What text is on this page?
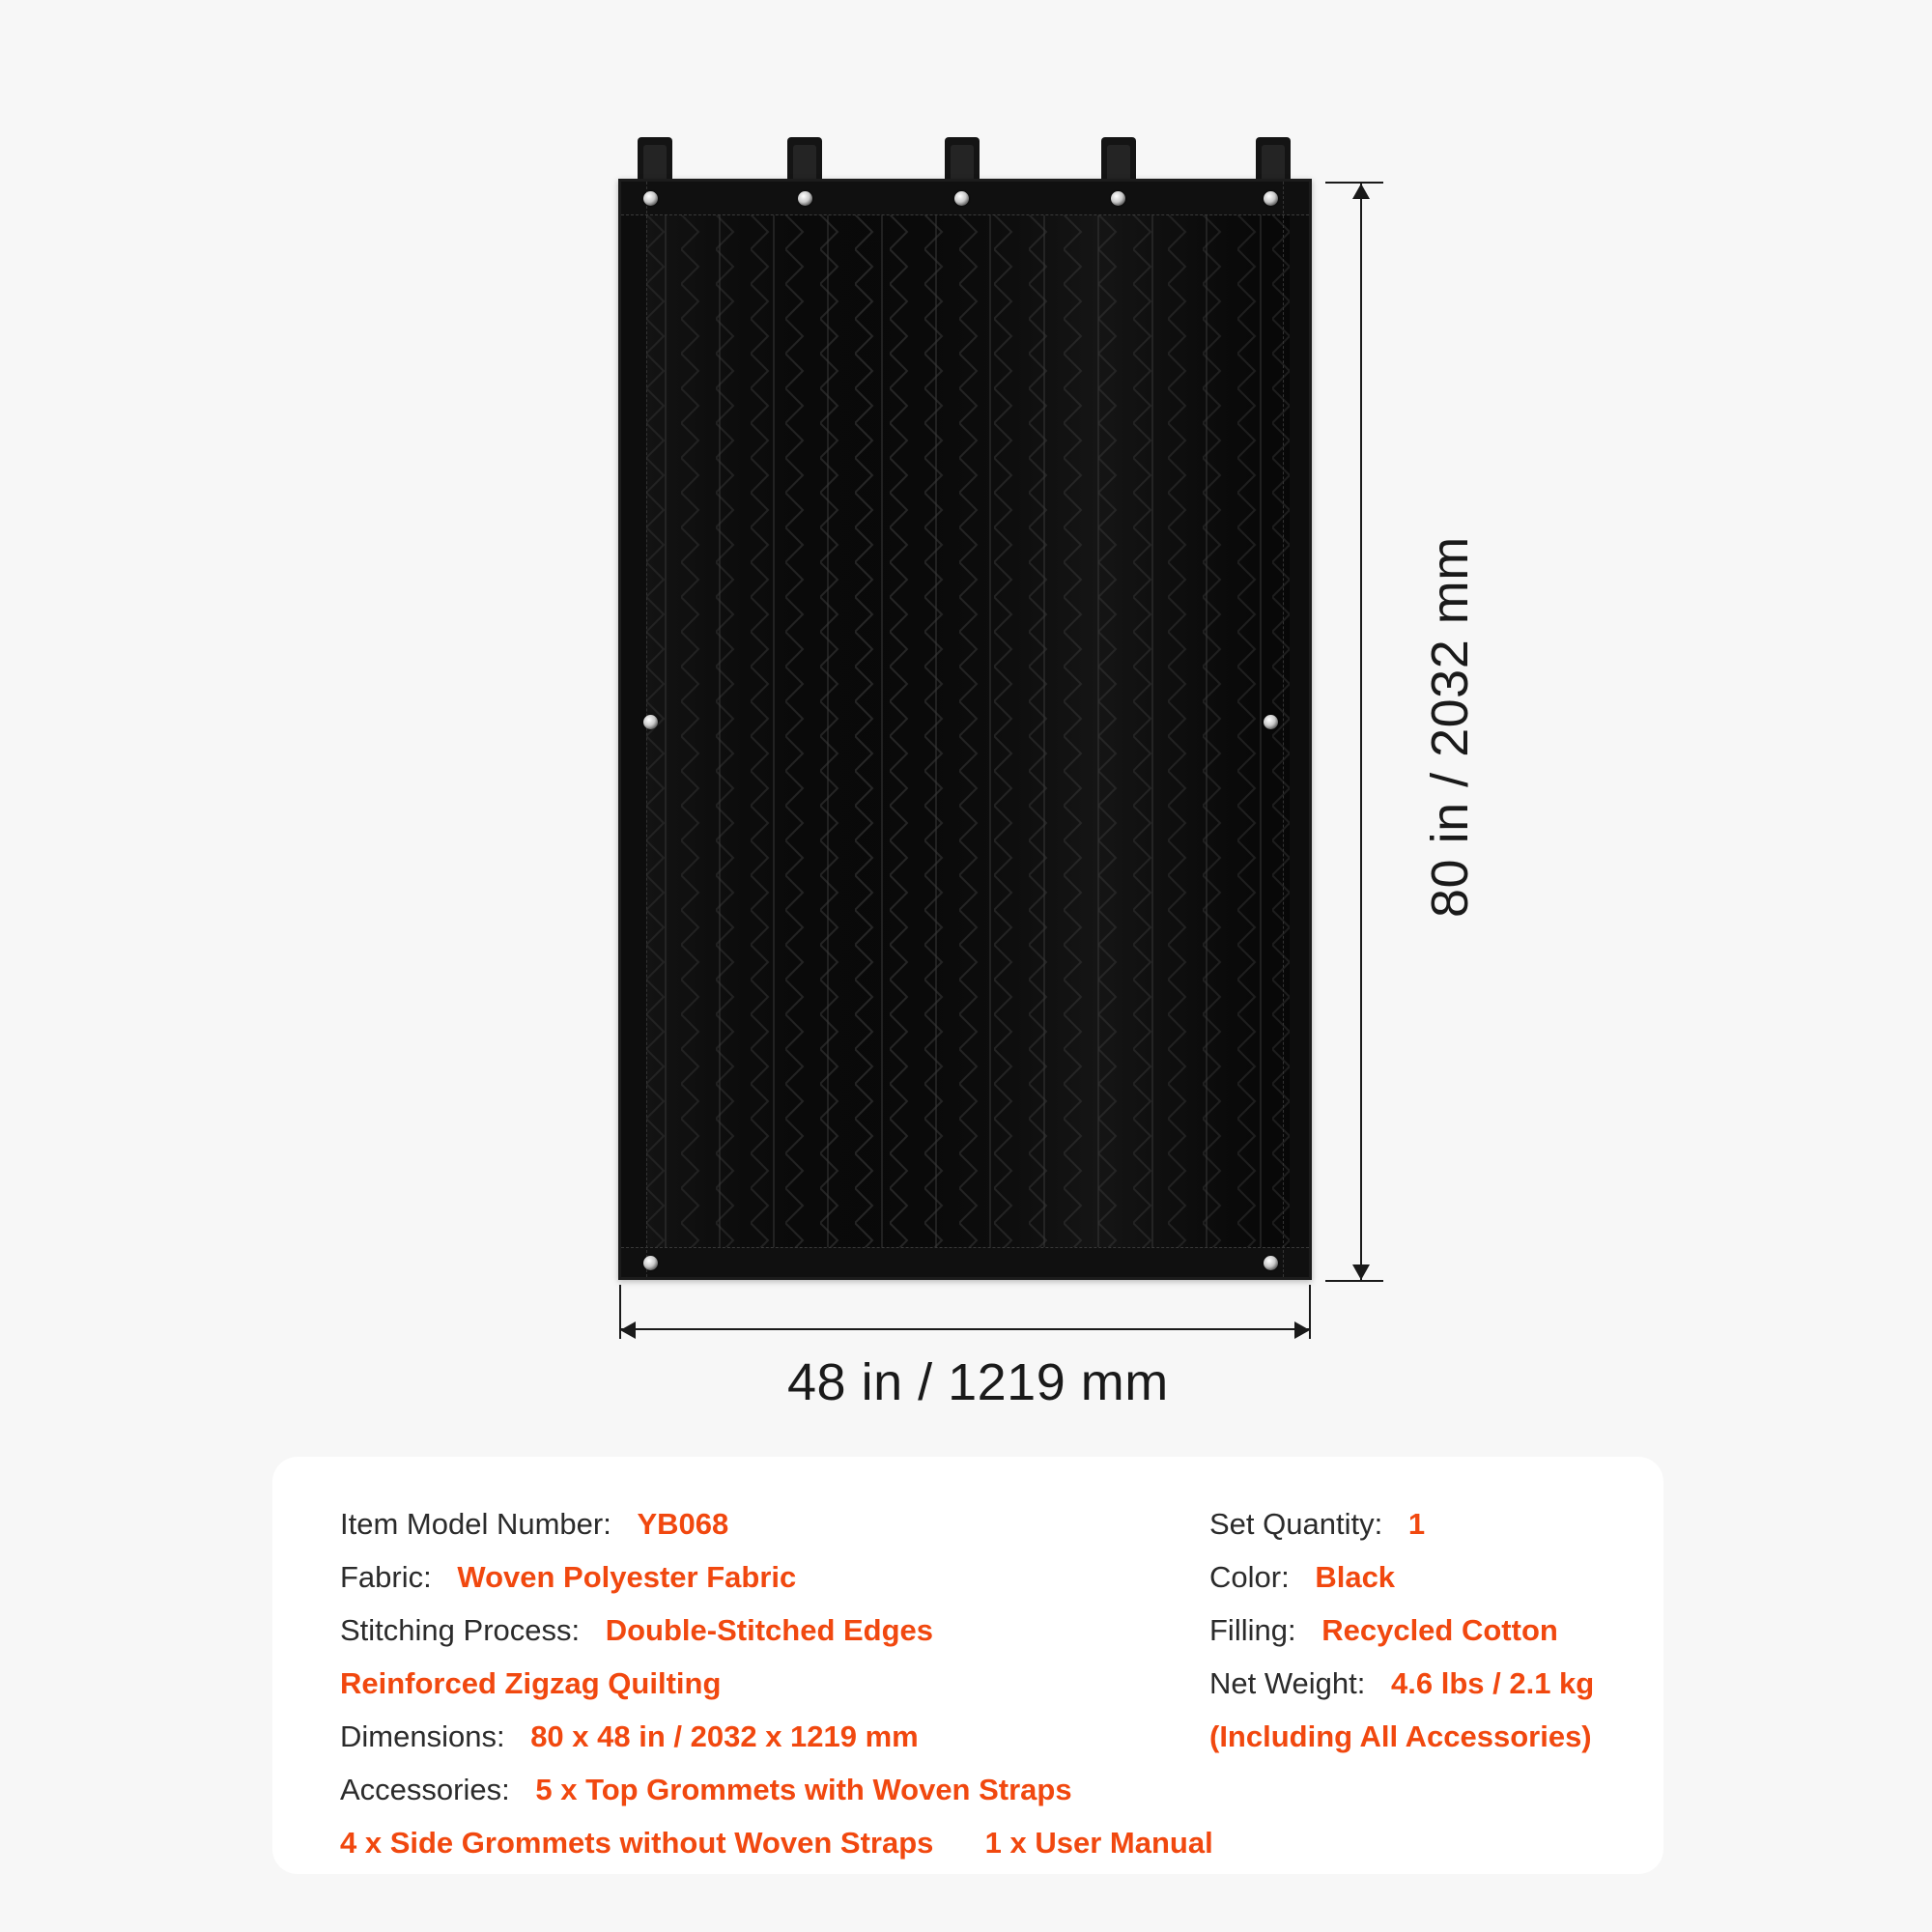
80 in / 2032 mm
48 in / 1219 mm
Item Model Number: YB068
Fabric: Woven Polyester Fabric
Stitching Process: Double-Stitched Edges
Reinforced Zigzag Quilting
Dimensions: 80 x 48 in / 2032 x 1219 mm
Accessories: 5 x Top Grommets with Woven Straps
4 x Side Grommets without Woven Straps 1 x User Manual
Set Quantity: 1
Color: Black
Filling: Recycled Cotton
Net Weight: 4.6 lbs / 2.1 kg
(Including All Accessories)
